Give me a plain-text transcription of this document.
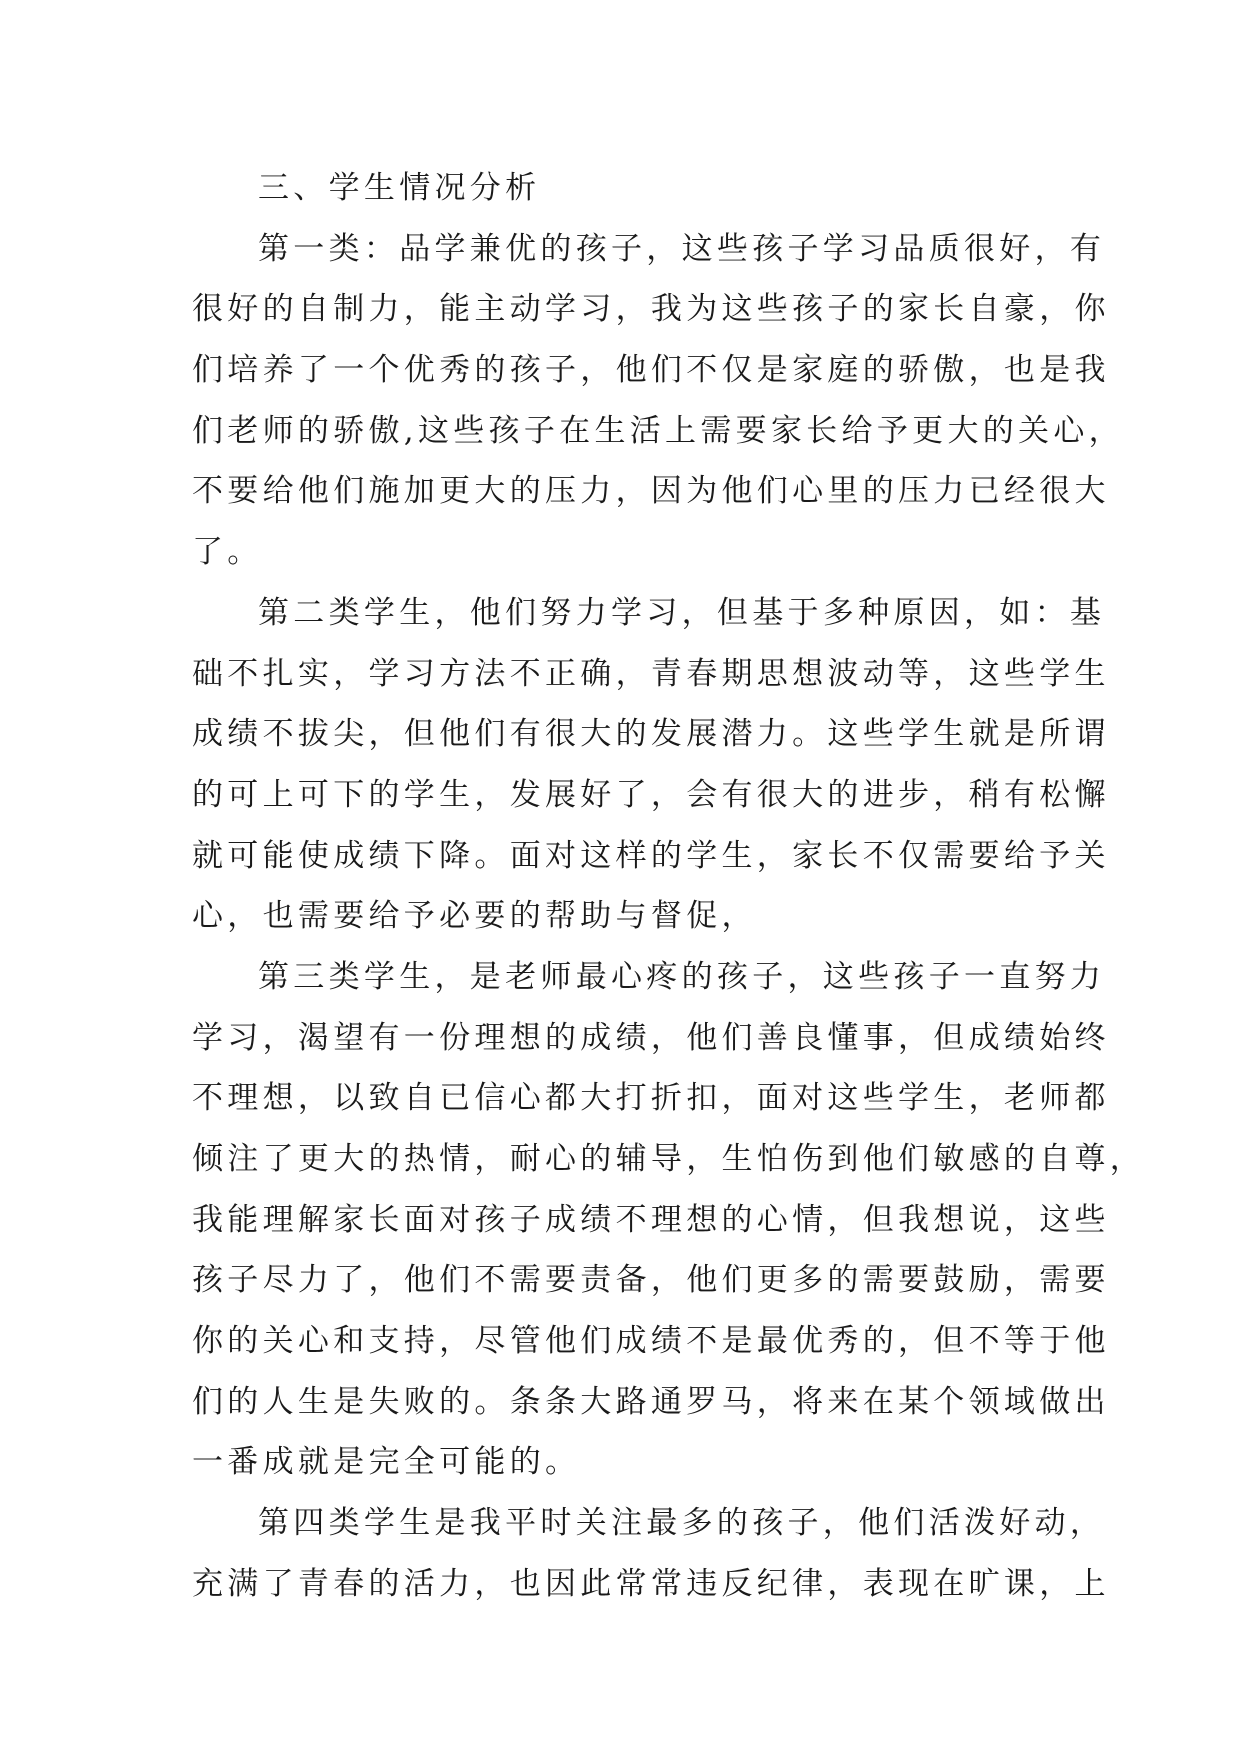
三、学生情况分析
第一类：品学兼优的孩子，这些孩子学习品质很好，有
很好的自制力，能主动学习，我为这些孩子的家长自豪，你
们培养了一个优秀的孩子，他们不仅是家庭的骄傲，也是我
们老师的骄傲,这些孩子在生活上需要家长给予更大的关心，
不要给他们施加更大的压力，因为他们心里的压力已经很大
了。
第二类学生，他们努力学习，但基于多种原因，如：基
础不扎实，学习方法不正确，青春期思想波动等，这些学生
成绩不拔尖，但他们有很大的发展潜力。这些学生就是所谓
的可上可下的学生，发展好了，会有很大的进步，稍有松懈
就可能使成绩下降。面对这样的学生，家长不仅需要给予关
心，也需要给予必要的帮助与督促，
第三类学生，是老师最心疼的孩子，这些孩子一直努力
学习，渴望有一份理想的成绩，他们善良懂事，但成绩始终
不理想，以致自已信心都大打折扣，面对这些学生，老师都
倾注了更大的热情，耐心的辅导，生怕伤到他们敏感的自尊，
我能理解家长面对孩子成绩不理想的心情，但我想说，这些
孩子尽力了，他们不需要责备，他们更多的需要鼓励，需要
你的关心和支持，尽管他们成绩不是最优秀的，但不等于他
们的人生是失败的。条条大路通罗马，将来在某个领域做出
一番成就是完全可能的。
第四类学生是我平时关注最多的孩子，他们活泼好动，
充满了青春的活力，也因此常常违反纪律，表现在旷课，上
